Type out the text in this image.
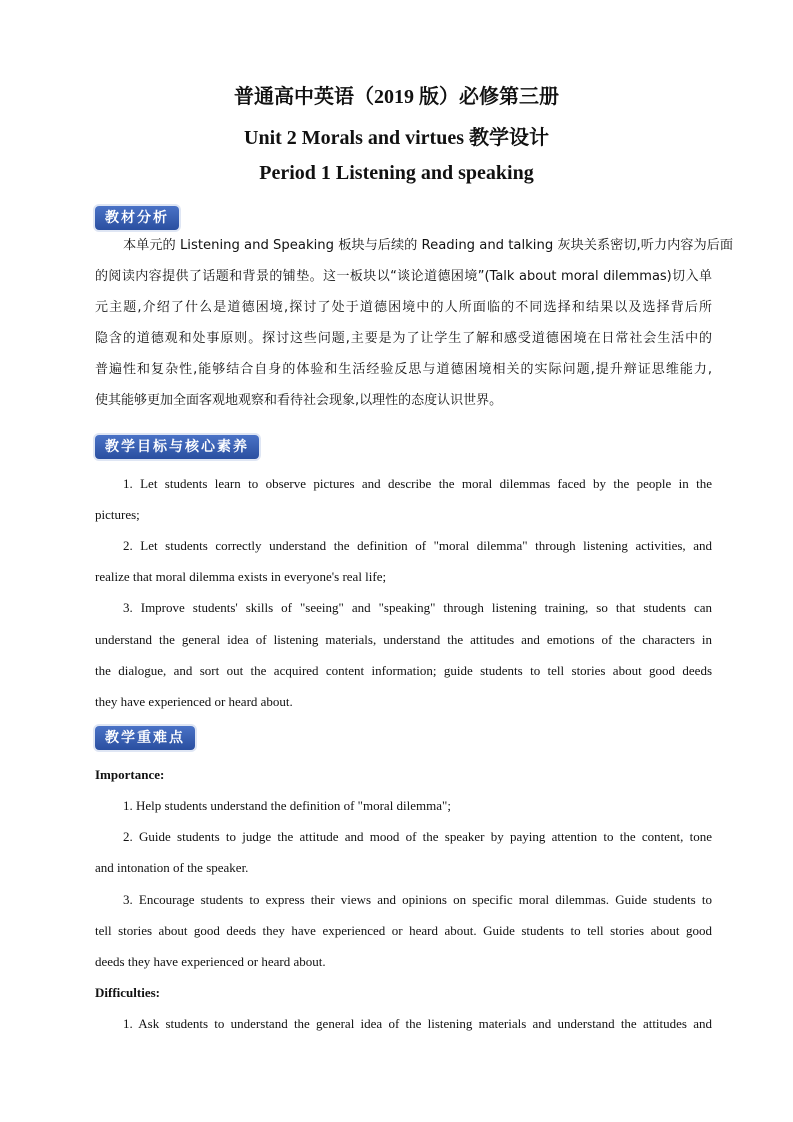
普通高中英语（2019 版）必修第三册
Unit 2 Morals and virtues 教学设计
Period 1 Listening and speaking
教材分析
本单元的 Listening and Speaking 板块与后续的 Reading and talking 灰块关系密切,听力内容为后面
的阅读内容提供了话题和背景的铺垫。这一板块以“谈论道德困境”(Talk about moral dilemmas)切入单
元主题,介绍了什么是道德困境,探讨了处于道德困境中的人所面临的不同选择和结果以及选择背后所
隐含的道德观和处事原则。探讨这些问题,主要是为了让学生了解和感受道德困境在日常社会生活中的
普遍性和复杂性,能够结合自身的体验和生活经验反思与道德困境相关的实际问题,提升辩证思维能力,
使其能够更加全面客观地观察和看待社会现象,以理性的态度认识世界。
教学目标与核心素养
1. Let students learn to observe pictures and describe the moral dilemmas faced by the people in the
pictures;
2. Let students correctly understand the definition of "moral dilemma" through listening activities, and
realize that moral dilemma exists in everyone's real life;
3. Improve students' skills of "seeing" and "speaking" through listening training, so that students can
understand the general idea of listening materials, understand the attitudes and emotions of the characters in
the dialogue, and sort out the acquired content information; guide students to tell stories about good deeds
they have experienced or heard about.
教学重难点
Importance:
1. Help students understand the definition of "moral dilemma";
2. Guide students to judge the attitude and mood of the speaker by paying attention to the content, tone
and intonation of the speaker.
3. Encourage students to express their views and opinions on specific moral dilemmas. Guide students to
tell stories about good deeds they have experienced or heard about. Guide students to tell stories about good
deeds they have experienced or heard about.
Difficulties:
1. Ask students to understand the general idea of the listening materials and understand the attitudes and
